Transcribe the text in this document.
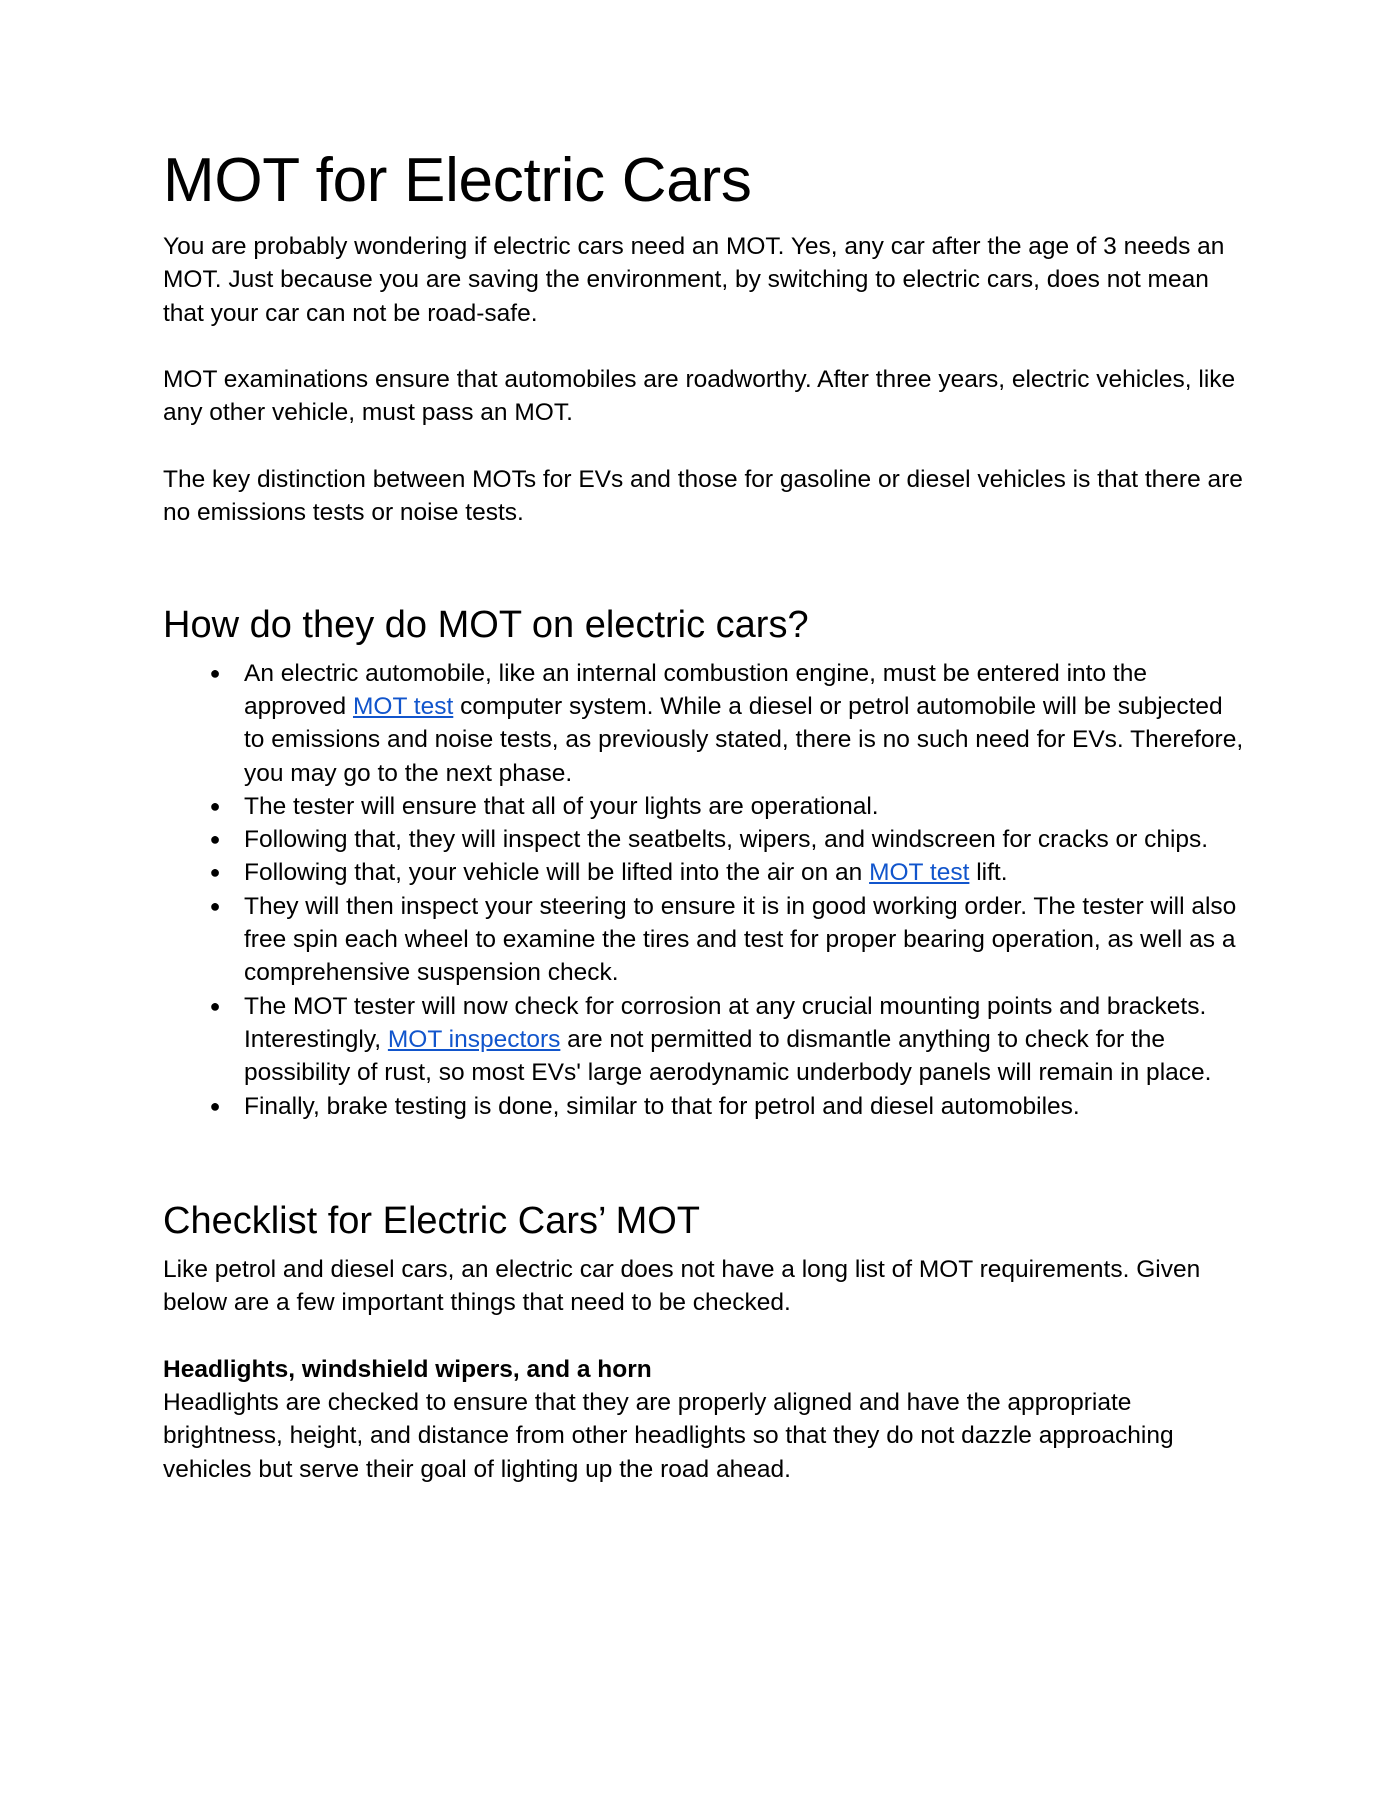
MOT for Electric Cars

You are probably wondering if electric cars need an MOT. Yes, any car after the age of 3 needs an MOT. Just because you are saving the environment, by switching to electric cars, does not mean that your car can not be road-safe.

MOT examinations ensure that automobiles are roadworthy. After three years, electric vehicles, like any other vehicle, must pass an MOT.

The key distinction between MOTs for EVs and those for gasoline or diesel vehicles is that there are no emissions tests or noise tests.

How do they do MOT on electric cars?
● An electric automobile, like an internal combustion engine, must be entered into the approved MOT test computer system. While a diesel or petrol automobile will be subjected to emissions and noise tests, as previously stated, there is no such need for EVs. Therefore, you may go to the next phase.
● The tester will ensure that all of your lights are operational.
● Following that, they will inspect the seatbelts, wipers, and windscreen for cracks or chips.
● Following that, your vehicle will be lifted into the air on an MOT test lift.
● They will then inspect your steering to ensure it is in good working order. The tester will also free spin each wheel to examine the tires and test for proper bearing operation, as well as a comprehensive suspension check.
● The MOT tester will now check for corrosion at any crucial mounting points and brackets. Interestingly, MOT inspectors are not permitted to dismantle anything to check for the possibility of rust, so most EVs' large aerodynamic underbody panels will remain in place.
● Finally, brake testing is done, similar to that for petrol and diesel automobiles.
Checklist for Electric Cars’ MOT

Like petrol and diesel cars, an electric car does not have a long list of MOT requirements. Given below are a few important things that need to be checked.

Headlights, windshield wipers, and a horn

Headlights are checked to ensure that they are properly aligned and have the appropriate brightness, height, and distance from other headlights so that they do not dazzle approaching vehicles but serve their goal of lighting up the road ahead.
